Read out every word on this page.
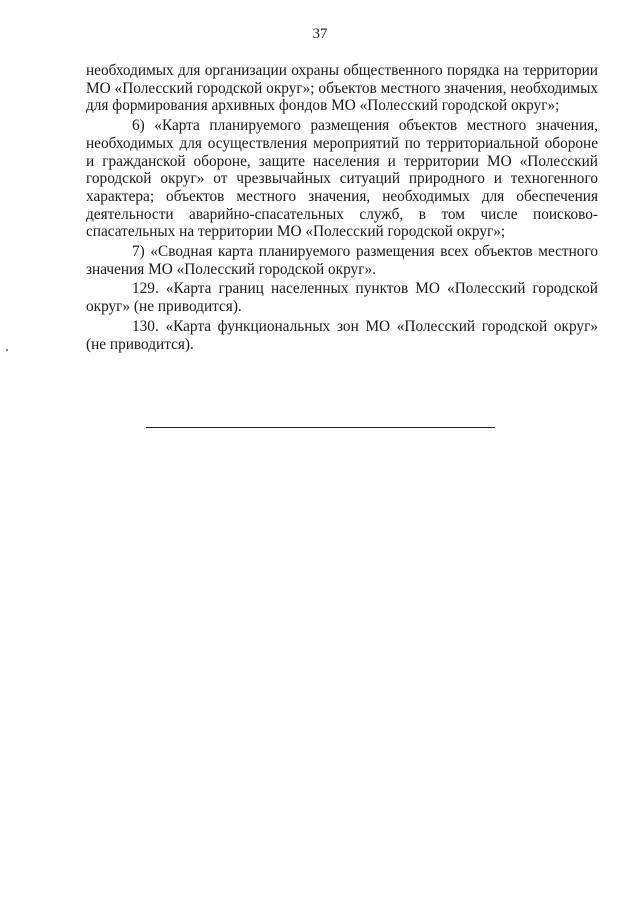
37

необходимых для организации охраны общественного порядка на территории МО «Полесский городской округ»; объектов местного значения, необходимых для формирования архивных фондов МО «Полесский городской округ»;

6) «Карта планируемого размещения объектов местного значения, необходимых для осуществления мероприятий по территориальной обороне и гражданской обороне, защите населения и территории МО «Полесский городской округ» от чрезвычайных ситуаций природного и техногенного характера; объектов местного значения, необходимых для обеспечения деятельности аварийно-спасательных служб, в том числе поисково-спасательных на территории МО «Полесский городской округ»;

7) «Сводная карта планируемого размещения всех объектов местного значения МО «Полесский городской округ».

129. «Карта границ населенных пунктов МО «Полесский городской округ» (не приводится).

130. «Карта функциональных зон МО «Полесский городской округ» (не приводится).
